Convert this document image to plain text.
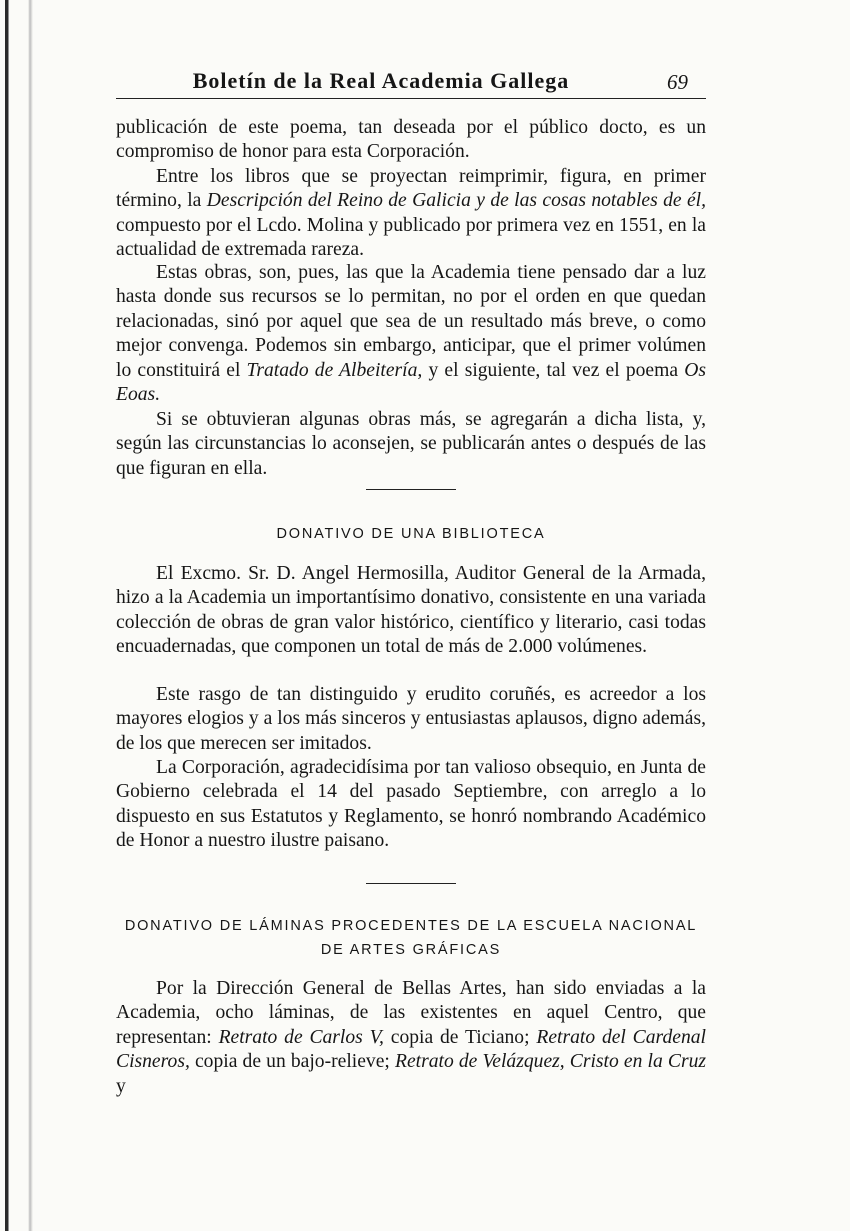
Boletín de la Real Academia Gallega	69
publicación de este poema, tan deseada por el público docto, es un compromiso de honor para esta Corporación.
Entre los libros que se proyectan reimprimir, figura, en primer término, la Descripción del Reino de Galicia y de las cosas notables de él, compuesto por el Lcdo. Molina y publicado por primera vez en 1551, en la actualidad de extremada rareza.
Estas obras, son, pues, las que la Academia tiene pensado dar a luz hasta donde sus recursos se lo permitan, no por el orden en que quedan relacionadas, sinó por aquel que sea de un resultado más breve, o como mejor convenga. Podemos sin embargo, anticipar, que el primer volúmen lo constituirá el Tratado de Albeitería, y el siguiente, tal vez el poema Os Eoas.
Si se obtuvieran algunas obras más, se agregarán a dicha lista, y, según las circunstancias lo aconsejen, se publicarán antes o después de las que figuran en ella.
DONATIVO DE UNA BIBLIOTECA
El Excmo. Sr. D. Angel Hermosilla, Auditor General de la Armada, hizo a la Academia un importantísimo donativo, consistente en una variada colección de obras de gran valor histórico, científico y literario, casi todas encuadernadas, que componen un total de más de 2.000 volúmenes.
Este rasgo de tan distinguido y erudito coruñés, es acreedor a los mayores elogios y a los más sinceros y entusiastas aplausos, digno además, de los que merecen ser imitados.
La Corporación, agradecidísima por tan valioso obsequio, en Junta de Gobierno celebrada el 14 del pasado Septiembre, con arreglo a lo dispuesto en sus Estatutos y Reglamento, se honró nombrando Académico de Honor a nuestro ilustre paisano.
DONATIVO DE LÁMINAS PROCEDENTES DE LA ESCUELA NACIONAL
DE ARTES GRÁFICAS
Por la Dirección General de Bellas Artes, han sido enviadas a la Academia, ocho láminas, de las existentes en aquel Centro, que representan: Retrato de Carlos V, copia de Ticiano; Retrato del Cardenal Cisneros, copia de un bajo-relieve; Retrato de Velázquez, Cristo en la Cruz y
